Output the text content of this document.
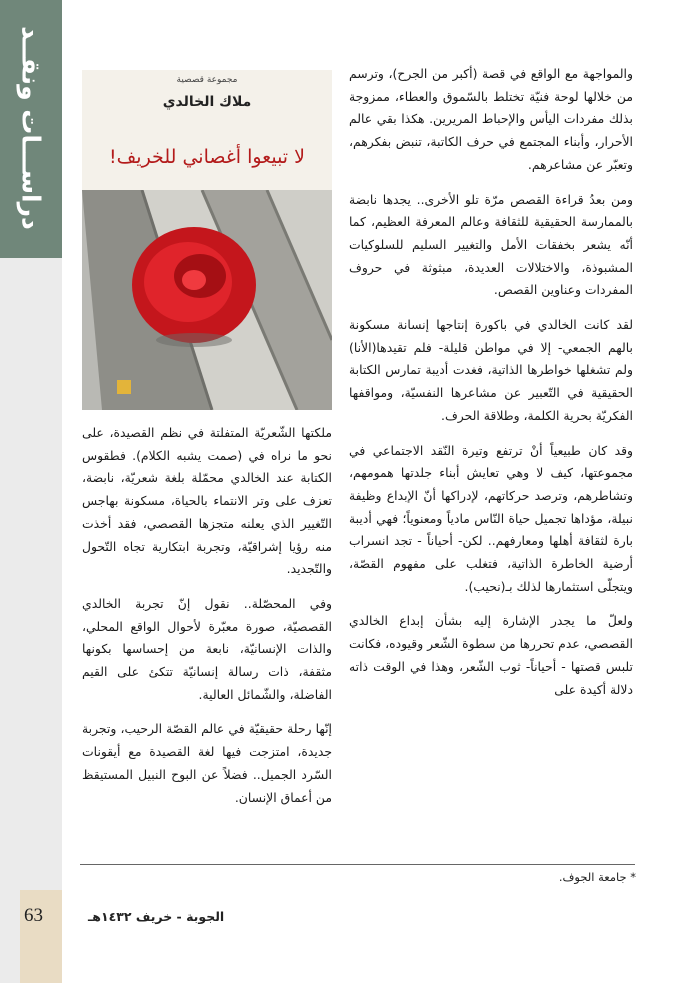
دراســـات ونقــد
63
مجموعة قصصية
ملاك الخالدي
لا تبيعوا أغصاني للخريف!

والمواجهة مع الواقع في قصة (أكبر من الجرح)، وترسم من خلالها لوحة فنيّة تختلط بالسّموق والعطاء، ممزوجة بذلك مفردات اليأس والإحباط المريرين. هكذا بقي عالم الأحرار، وأبناء المجتمع في حرف الكاتبة، تنبض بفكرهم، وتعبّر عن مشاعرهم.

ومن بعدُ قراءة القصص مرّة تلو الأخرى.. يجدها نابضة بالممارسة الحقيقية للثقافة وعالم المعرفة العظيم، كما أنّه يشعر بخفقات الأمل والتغيير السليم للسلوكيات المشبوذة، والاختلالات العديدة، مبثوثة في حروف المفردات وعناوين القصص.

لقد كانت الخالدي في باكورة إنتاجها إنسانة مسكونة بالهم الجمعي- إلا في مواطن قليلة- فلم تقيدها(الأنا) ولم تشغلها خواطرها الذاتية، فغدت أديبة تمارس الكتابة الحقيقية في التّعبير عن مشاعرها النفسيّة، ومواقفها الفكريّة بحرية الكلمة، وطلاقة الحرف.

وقد كان طبيعياً أنْ ترتفع وتيرة النّقد الاجتماعي في مجموعتها، كيف لا وهي تعايش أبناء جلدتها همومهم، وتشاطرهم، وترصد حركاتهم، لإدراكها أنّ الإبداع وظيفة نبيلة، مؤداها تجميل حياة النّاس مادياً ومعنوياً؛ فهي أديبة بارة لثقافة أهلها ومعارفهم.. لكن- أحياناً - تجد انسراب أرضية الخاطرة الذاتية، فتغلب على مفهوم القصّة، ويتجلّى استثمارها لذلك بـ(نحيب).

ولعلّ ما يجدر الإشارة إليه بشأن إبداع الخالدي القصصي، عدم تحررها من سطوة الشّعر وقيوده، فكانت تلبس قصتها - أحياناً- ثوب الشّعر، وهذا في الوقت ذاته دلالة أكيدة على

ملكتها الشّعريّة المتفلتة في نظم القصيدة، على نحو ما نراه في (صمت يشبه الكلام). فطقوس الكتابة عند الخالدي محمّلة بلغة شعريّة، نابضة، تعزف على وتر الانتماء بالحياة، مسكونة بهاجس التّغيير الذي يعلنه متجزها القصصي، فقد أخذت منه رؤيا إشراقيّة، وتجربة ابتكارية تجاه التّحول والتّجديد.

وفي المحصّلة.. نقول إنّ تجربة الخالدي القصصيّة، صورة معبّرة لأحوال الواقع المحلي، والذات الإنسانيّة، نابعة من إحساسها بكونها مثقفة، ذات رسالة إنسانيّة تتكئ على القيم الفاضلة، والشّمائل العالية.

إنّها رحلة حقيقيّة في عالم القصّة الرحيب، وتجربة جديدة، امتزجت فيها لغة القصيدة مع أيقونات السّرد الجميل.. فضلاً عن البوح النبيل المستيقظ من أعماق الإنسان.

* جامعة الجوف.
الجوبة - خريف ١٤٣٢هـ
